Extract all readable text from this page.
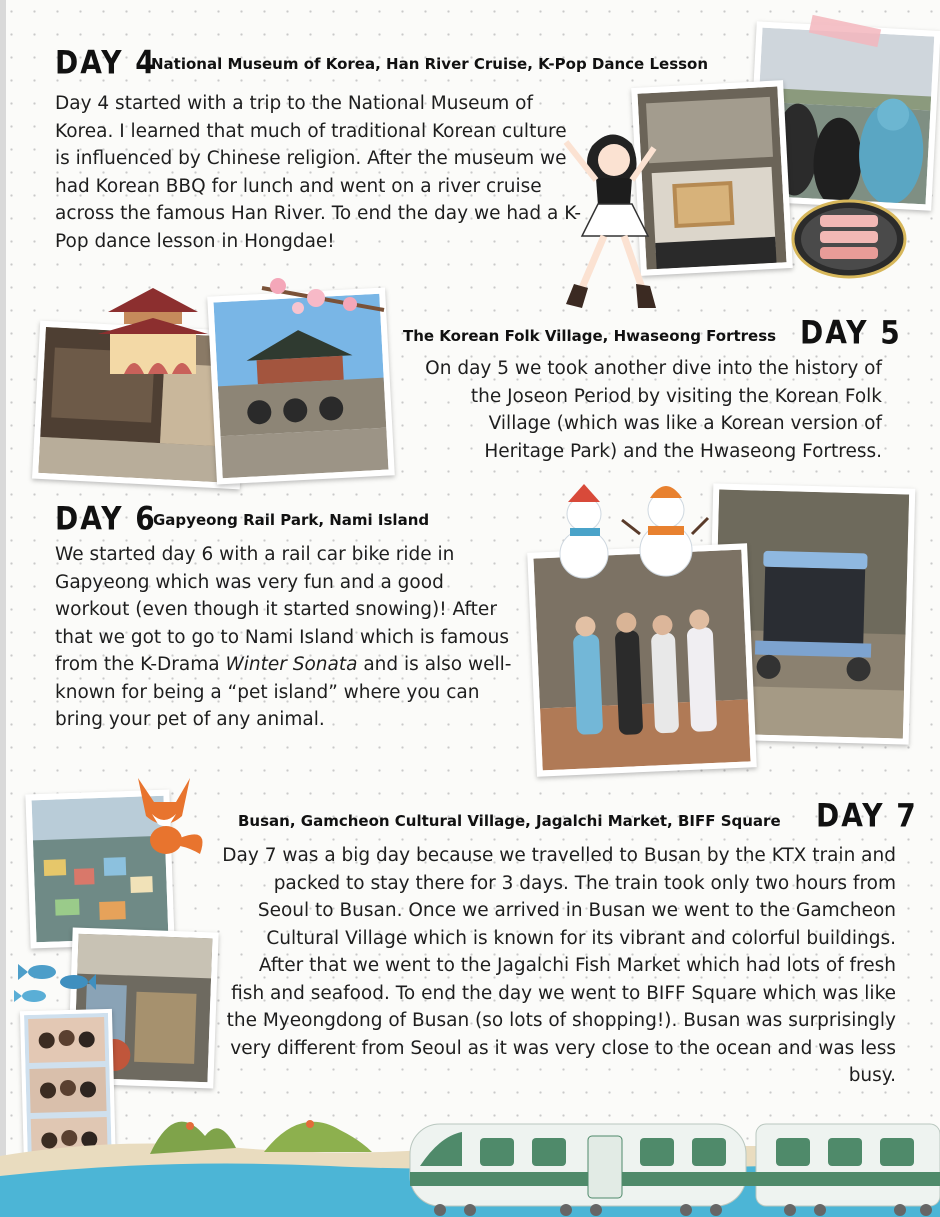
DAY 4
National Museum of Korea, Han River Cruise, K-Pop Dance Lesson
Day 4 started with a trip to the National Museum of Korea. I learned that much of traditional Korean culture is influenced by Chinese religion. After the museum we had Korean BBQ for lunch and went on a river cruise across the famous Han River. To end the day we had a K-Pop dance lesson in Hongdae!
The Korean Folk Village, Hwaseong Fortress DAY 5
On day 5 we took another dive into the history of the Joseon Period by visiting the Korean Folk Village (which was like a Korean version of Heritage Park) and the Hwaseong Fortress.
DAY 6
Gapyeong Rail Park, Nami Island
We started day 6 with a rail car bike ride in Gapyeong which was very fun and a good workout (even though it started snowing)! After that we got to go to Nami Island which is famous from the K-Drama Winter Sonata and is also well-known for being a “pet island” where you can bring your pet of any animal.
Busan, Gamcheon Cultural Village, Jagalchi Market, BIFF Square DAY 7
Day 7 was a big day because we travelled to Busan by the KTX train and packed to stay there for 3 days. The train took only two hours from Seoul to Busan. Once we arrived in Busan we went to the Gamcheon Cultural Village which is known for its vibrant and colorful buildings. After that we went to the Jagalchi Fish Market which had lots of fresh fish and seafood. To end the day we went to BIFF Square which was like the Myeongdong of Busan (so lots of shopping!). Busan was surprisingly very different from Seoul as it was very close to the ocean and was less busy.
